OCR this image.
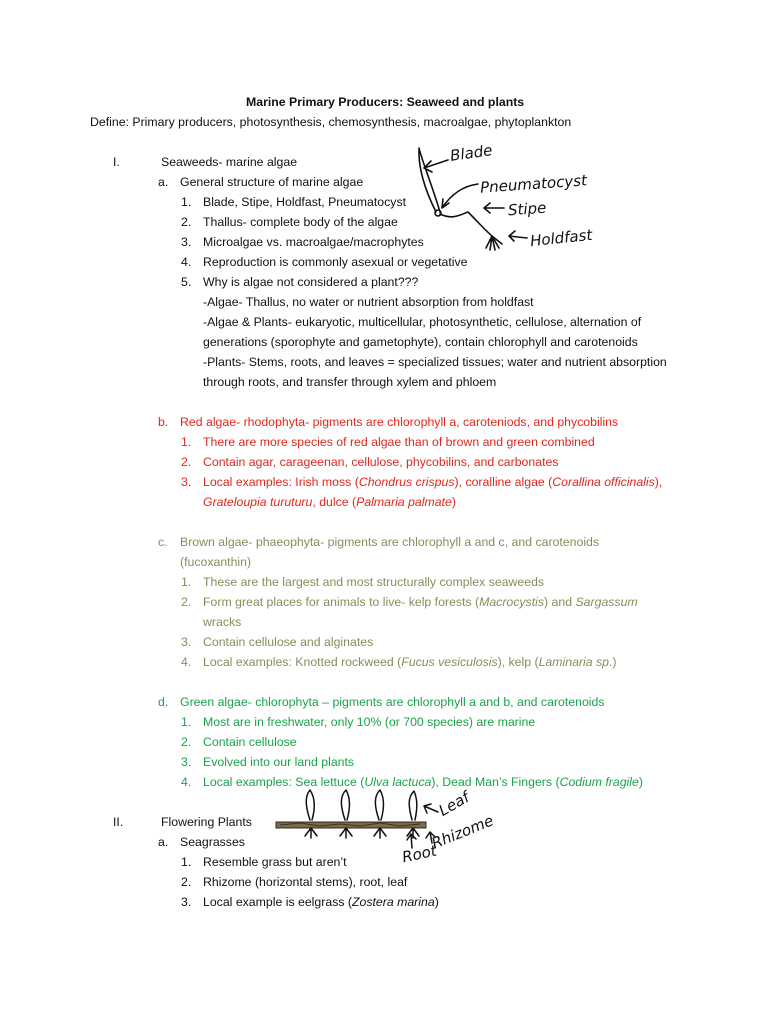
Marine Primary Producers: Seaweed and plants
Define: Primary producers, photosynthesis, chemosynthesis, macroalgae, phytoplankton
I.	Seaweeds- marine algae
a. General structure of marine algae
1. Blade, Stipe, Holdfast, Pneumatocyst
2. Thallus- complete body of the algae
3. Microalgae vs. macroalgae/macrophytes
4. Reproduction is commonly asexual or vegetative
5. Why is algae not considered a plant???
-Algae- Thallus, no water or nutrient absorption from holdfast
-Algae & Plants- eukaryotic, multicellular, photosynthetic, cellulose, alternation of
generations (sporophyte and gametophyte), contain chlorophyll and carotenoids
-Plants- Stems, roots, and leaves = specialized tissues; water and nutrient absorption
through roots, and transfer through xylem and phloem
b. Red algae- rhodophyta- pigments are chlorophyll a, caroteniods, and phycobilins
1. There are more species of red algae than of brown and green combined
2. Contain agar, carageenan, cellulose, phycobilins, and carbonates
3. Local examples: Irish moss (Chondrus crispus), coralline algae (Corallina officinalis),
Grateloupia turuturu, dulce (Palmaria palmate)
c. Brown algae- phaeophyta- pigments are chlorophyll a and c, and carotenoids
(fucoxanthin)
1. These are the largest and most structurally complex seaweeds
2. Form great places for animals to live- kelp forests (Macrocystis) and Sargassum
wracks
3. Contain cellulose and alginates
4. Local examples: Knotted rockweed (Fucus vesiculosis), kelp (Laminaria sp.)
d. Green algae- chlorophyta – pigments are chlorophyll a and b, and carotenoids
1. Most are in freshwater, only 10% (or 700 species) are marine
2. Contain cellulose
3. Evolved into our land plants
4. Local examples: Sea lettuce (Ulva lactuca), Dead Man’s Fingers (Codium fragile)
II.	Flowering Plants
a. Seagrasses
1. Resemble grass but aren’t
2. Rhizome (horizontal stems), root, leaf
3. Local example is eelgrass (Zostera marina)
Blade
Pneumatocyst
Stipe
Holdfast
Leaf
Root
Rhizome
